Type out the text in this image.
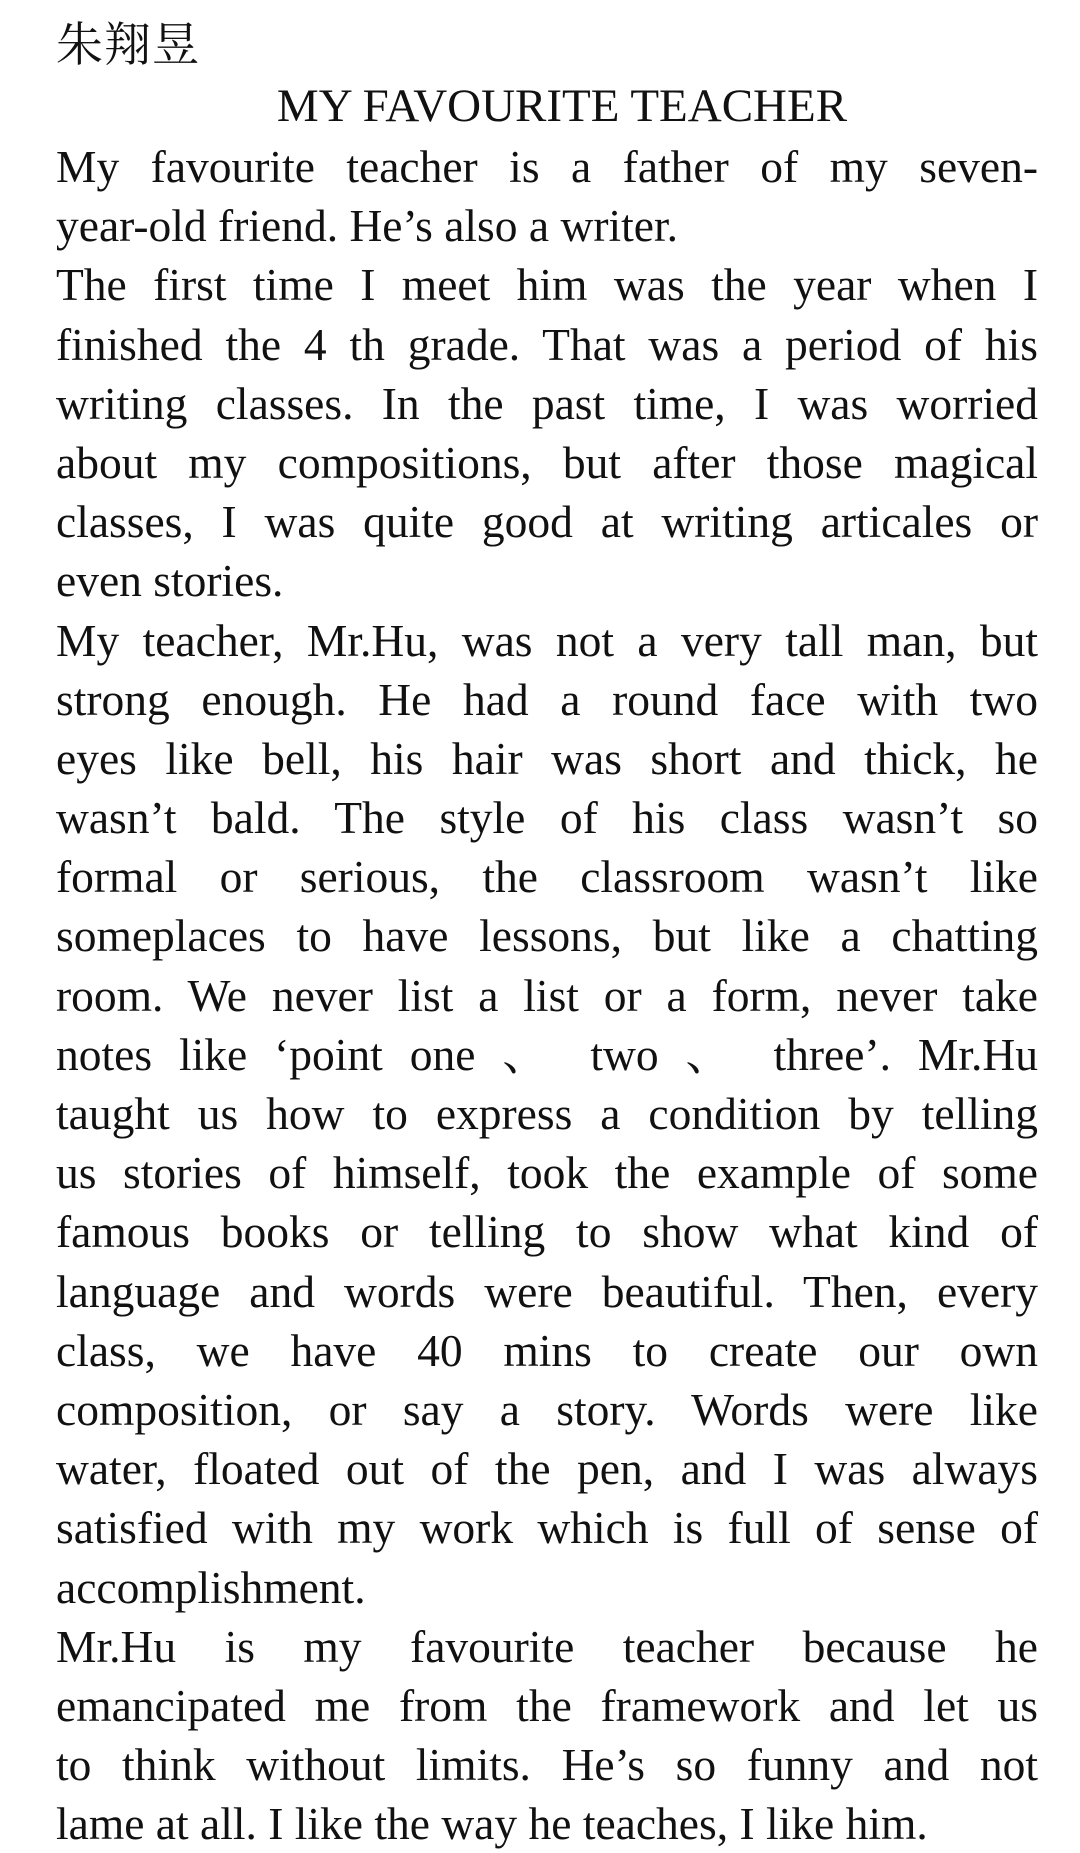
朱翔昱
MY FAVOURITE TEACHER
My favourite teacher is a father of my seven-
year-old friend. He’s also a writer.
The first time I meet him was the year when I
finished the 4 th grade. That was a period of his
writing classes. In the past time, I was worried
about my compositions, but after those magical
classes, I was quite good at writing articales or
even stories.
My teacher, Mr.Hu, was not a very tall man, but
strong enough. He had a round face with two
eyes like bell, his hair was short and thick, he
wasn’t bald. The style of his class wasn’t so
formal or serious, the classroom wasn’t like
someplaces to have lessons, but like a chatting
room. We never list a list or a form, never take
notes like ‘point one 、 two 、 three’. Mr.Hu
taught us how to express a condition by telling
us stories of himself, took the example of some
famous books or telling to show what kind of
language and words were beautiful. Then, every
class, we have 40 mins to create our own
composition, or say a story. Words were like
water, floated out of the pen, and I was always
satisfied with my work which is full of sense of
accomplishment.
Mr.Hu is my favourite teacher because he
emancipated me from the framework and let us
to think without limits. He’s so funny and not
lame at all. I like the way he teaches, I like him.
